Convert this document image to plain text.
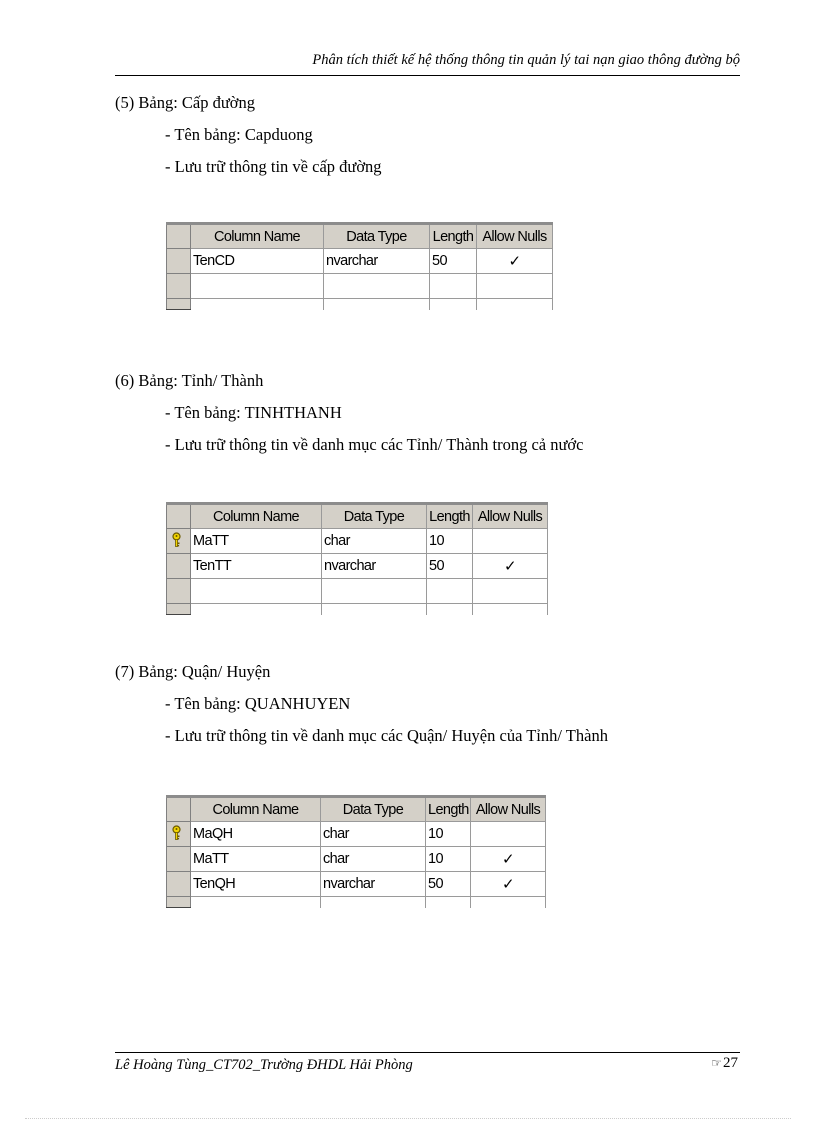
Phân tích thiết kế hệ thống thông tin quản lý tai nạn giao thông đường bộ
(5) Bảng: Cấp đường
- Tên bảng: Capduong
- Lưu trữ thông tin về cấp đường
	Column Name	Data Type	Length	Allow Nulls
	TenCD	nvarchar	50	✓

(6) Bảng: Tỉnh/ Thành
- Tên bảng: TINHTHANH
- Lưu trữ thông tin về danh mục các Tỉnh/ Thành trong cả nước
	Column Name	Data Type	Length	Allow Nulls

	MaTT	char	10	
	TenTT	nvarchar	50	✓

(7) Bảng: Quận/ Huyện
- Tên bảng: QUANHUYEN
- Lưu trữ thông tin về danh mục các Quận/ Huyện của Tỉnh/ Thành
	Column Name	Data Type	Length	Allow Nulls

	MaQH	char	10	
	MaTT	char	10	✓
	TenQH	nvarchar	50	✓

Lê Hoàng Tùng_CT702_Trường ĐHDL Hải Phòng	☞27
